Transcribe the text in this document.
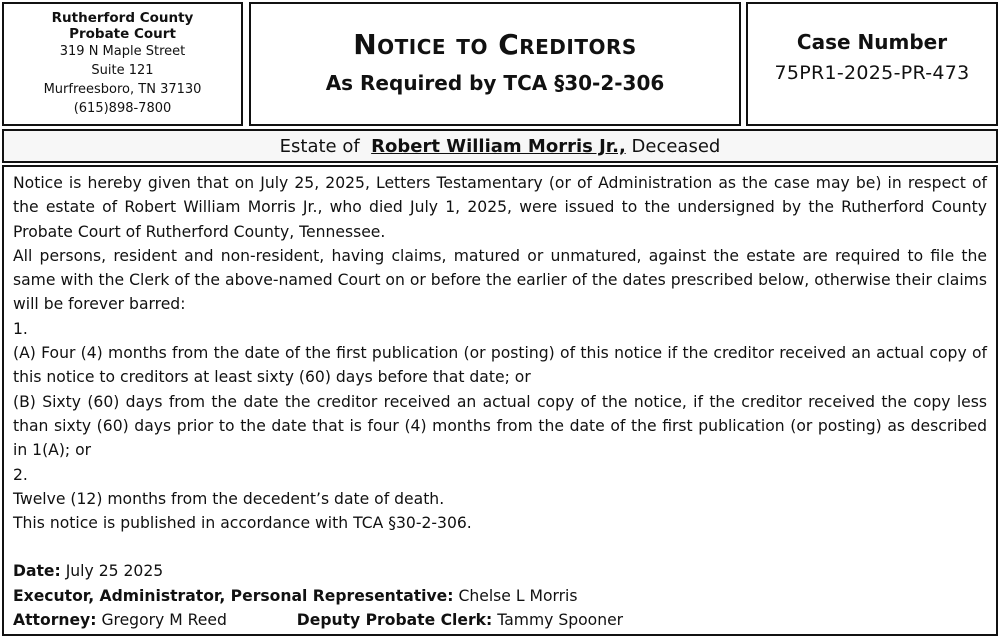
Rutherford County
Probate Court
319 N Maple Street
Suite 121
Murfreesboro, TN 37130
(615)898-7800
Notice to Creditors
As Required by TCA §30-2-306
Case Number
75PR1-2025-PR-473
Estate of Robert William Morris Jr., Deceased

Notice is hereby given that on July 25, 2025, Letters Testamentary (or of Administration as the case may be) in respect of the estate of Robert William Morris Jr., who died July 1, 2025, were issued to the undersigned by the Rutherford County Probate Court of Rutherford County, Tennessee.

All persons, resident and non-resident, having claims, matured or unmatured, against the estate are required to file the same with the Clerk of the above-named Court on or before the earlier of the dates prescribed below, otherwise their claims will be forever barred:

1.

(A) Four (4) months from the date of the first publication (or posting) of this notice if the creditor received an actual copy of this notice to creditors at least sixty (60) days before that date; or

(B) Sixty (60) days from the date the creditor received an actual copy of the notice, if the creditor received the copy less than sixty (60) days prior to the date that is four (4) months from the date of the first publication (or posting) as described in 1(A); or

2.

Twelve (12) months from the decedent’s date of death.

This notice is published in accordance with TCA §30-2-306.

Date: July 25 2025

Executor, Administrator, Personal Representative: Chelse L Morris

Attorney: Gregory M Reed	Deputy Probate Clerk: Tammy Spooner
